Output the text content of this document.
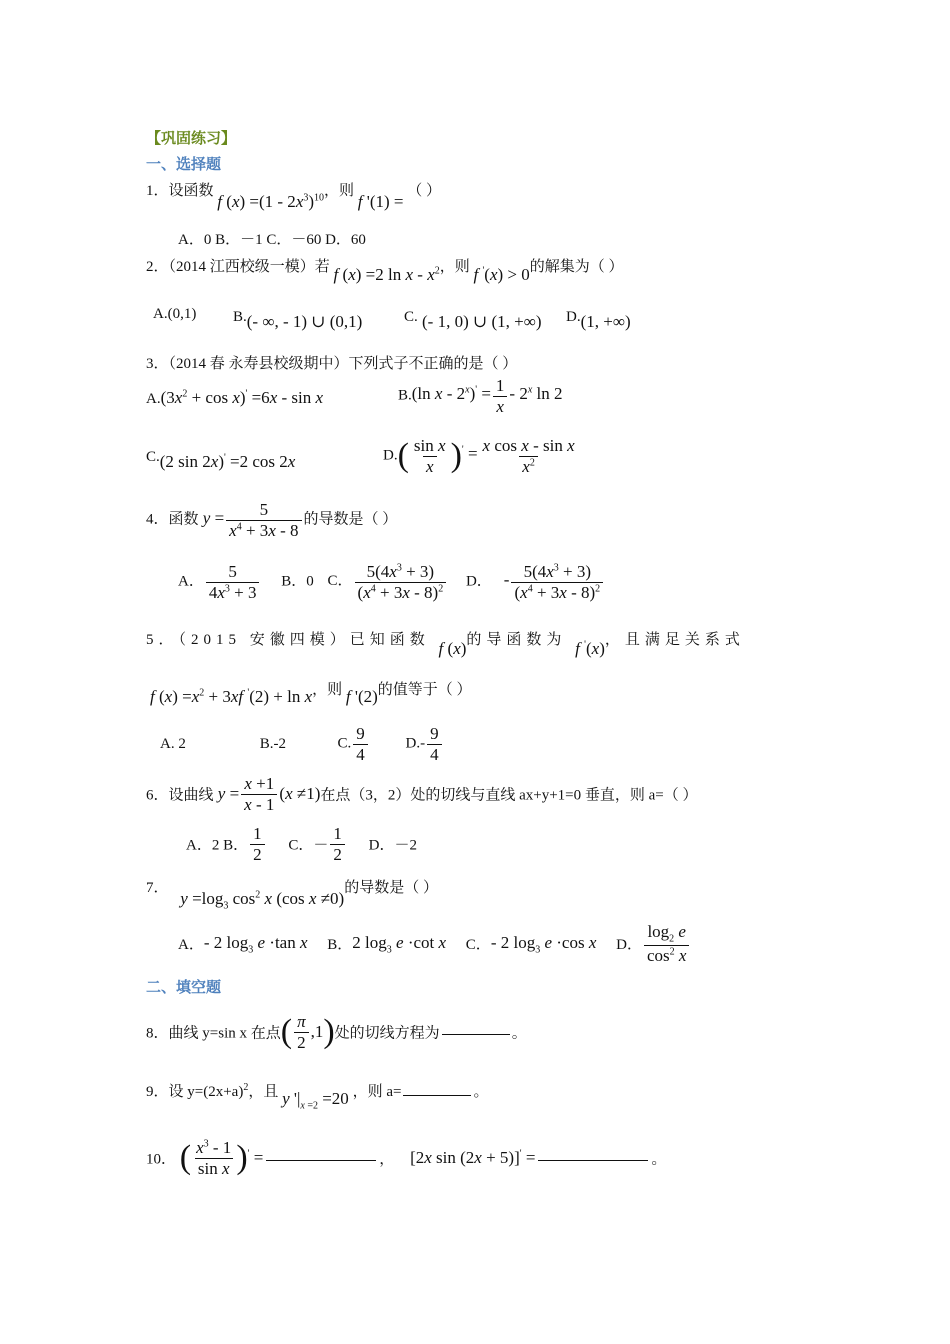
【巩固练习】
一、选择题
1．设函数 f $(x) =(1 - 2x^3)^{10}$，则 f '(1) = （ ）
A．0 B．－1 C．－60 D．60
2．（2014 江西校级一模）若 f (x) =2 ln x - $x^2$，则 f '(x) > 0的解集为（ ）
A.(0,1) B.(- ∞, - 1) ∪ (0,1)	C. (- 1, 0) ∪ (1, +∞) D.(1, +∞)
3．（2014 春 永寿县校级期中）下列式子不正确的是（ ）
$A.(3x^2 + \cos x)' =6x - \sin x$	B.(ln $x - 2^x)' = \frac{1}{x} - 2^x$ ln 2
C.(2 sin 2x)' =2 cos 2x	$D.( \frac{\text{sin x}}{x} )' = \frac{\text{x cos x - sin x}}{x^2}$
4．函数 $y = \frac{5}{x^4 + 3x - 8}$ 的导数是（ ）
A． $\frac{5}{4x^3 + 3}$ B．0 C． $\frac{5(4x^3 + 3)}{(x^4 + 3x - 8)^2}$ D． - $\frac{5(4x^3 + 3)}{(x^4 + 3x - 8)^2}$
5．（2015 安徽四模）已知函数 f (x)的导函数为 f '(x)，且满足关系式
f $(x) =x^2 + 3xf$ '(2) + ln x，则 f '(2)的值等于（ ）
A. 2	B.-2	C. $\frac{9}{4}$	$D.- \frac{9}{4}$
6．设曲线 $y = \frac{x +1}{x - 1} (x \ne 1)$在点（3，2）处的切线与直线 ax+y+1=0 垂直，则 a=（ ）
A．2 B． $\frac{1}{2}$ C．－ $\frac{1}{2}$ D．－2
7． $y =\log_3$ $\cos^2 x$ (cos x ≠0)的导数是（ ）
A．- 2 $\log_3 e \cdot\tan$ x B．2 $\log_3 e \cdot\cot$ x C．- 2 $\log_3 e \cdot\cos$ x D． $\frac{\log_2 e}{\cos^2 x}$
二、填空题
8．曲线 y=sin x 在点( $\frac{\pi}{2} ,1$)处的切线方程为	。
9．设 $y=(2x+a)^2$，且 y '$|_{x =2} =20$ ，则 a=	。
10． ( $\frac{x^3 - 1}{\text{sin x}} )'$ =	， [2x sin (2x + 5)]' =	。
